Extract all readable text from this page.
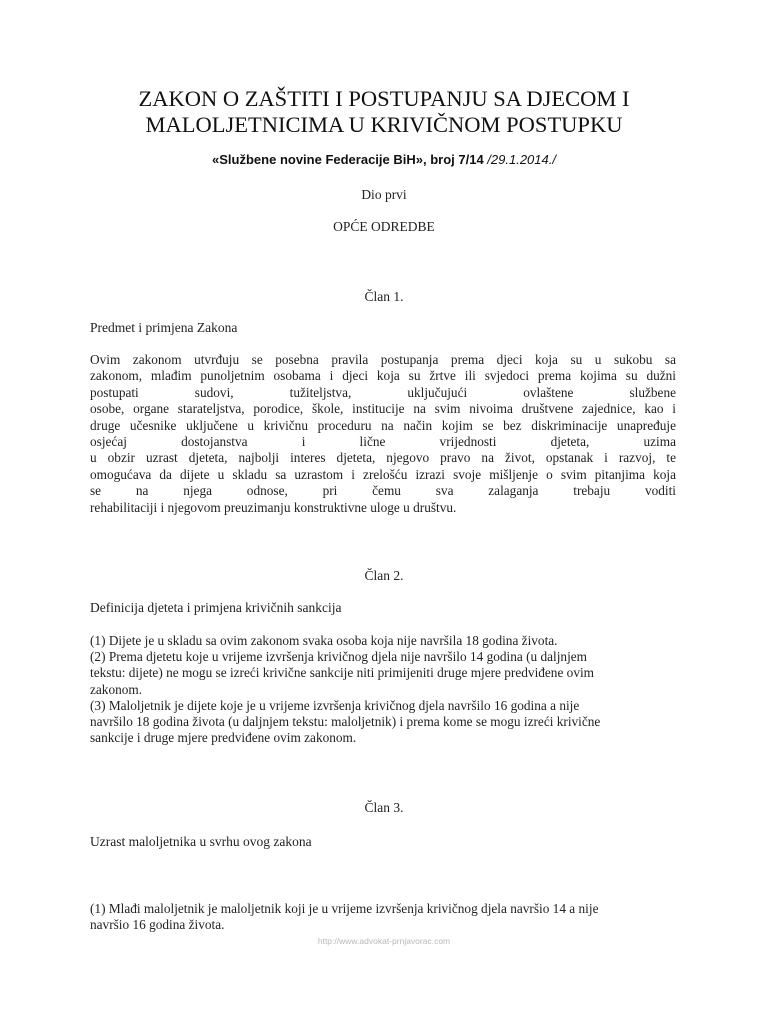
ZAKON O ZAŠTITI I POSTUPANJU SA DJECOM I
MALOLJETNICIMA U KRIVIČNOM POSTUPKU
«Službene novine Federacije BiH», broj 7/14 /29.1.2014./
Dio prvi
OPĆE ODREDBE
Član 1.
Predmet i primjena Zakona
Ovim zakonom utvrđuju se posebna pravila postupanja prema djeci koja su u sukobu sa
zakonom, mlađim punoljetnim osobama i djeci koja su žrtve ili svjedoci prema kojima su dužni
postupati sudovi, tužiteljstva, uključujući ovlaštene službene
osobe, organe starateljstva, porodice, škole, institucije na svim nivoima društvene zajednice, kao i
druge učesnike uključene u krivičnu proceduru na način kojim se bez diskriminacije unapređuje
osjećaj dostojanstva i lične vrijednosti djeteta, uzima
u obzir uzrast djeteta, najbolji interes djeteta, njegovo pravo na život, opstanak i razvoj, te
omogućava da dijete u skladu sa uzrastom i zrelošću izrazi svoje mišljenje o svim pitanjima koja
se na njega odnose, pri čemu sva zalaganja trebaju voditi
rehabilitaciji i njegovom preuzimanju konstruktivne uloge u društvu.
Član 2.
Definicija djeteta i primjena krivičnih sankcija
(1) Dijete je u skladu sa ovim zakonom svaka osoba koja nije navršila 18 godina života.
(2) Prema djetetu koje u vrijeme izvršenja krivičnog djela nije navršilo 14 godina (u daljnjem
tekstu: dijete) ne mogu se izreći krivične sankcije niti primijeniti druge mjere predviđene ovim
zakonom.
(3) Maloljetnik je dijete koje je u vrijeme izvršenja krivičnog djela navršilo 16 godina a nije
navršilo 18 godina života (u daljnjem tekstu: maloljetnik) i prema kome se mogu izreći krivične
sankcije i druge mjere predviđene ovim zakonom.
Član 3.
Uzrast maloljetnika u svrhu ovog zakona
(1) Mlađi maloljetnik je maloljetnik koji je u vrijeme izvršenja krivičnog djela navršio 14 a nije
navršio 16 godina života.
http://www.advokat-prnjavorac.com
